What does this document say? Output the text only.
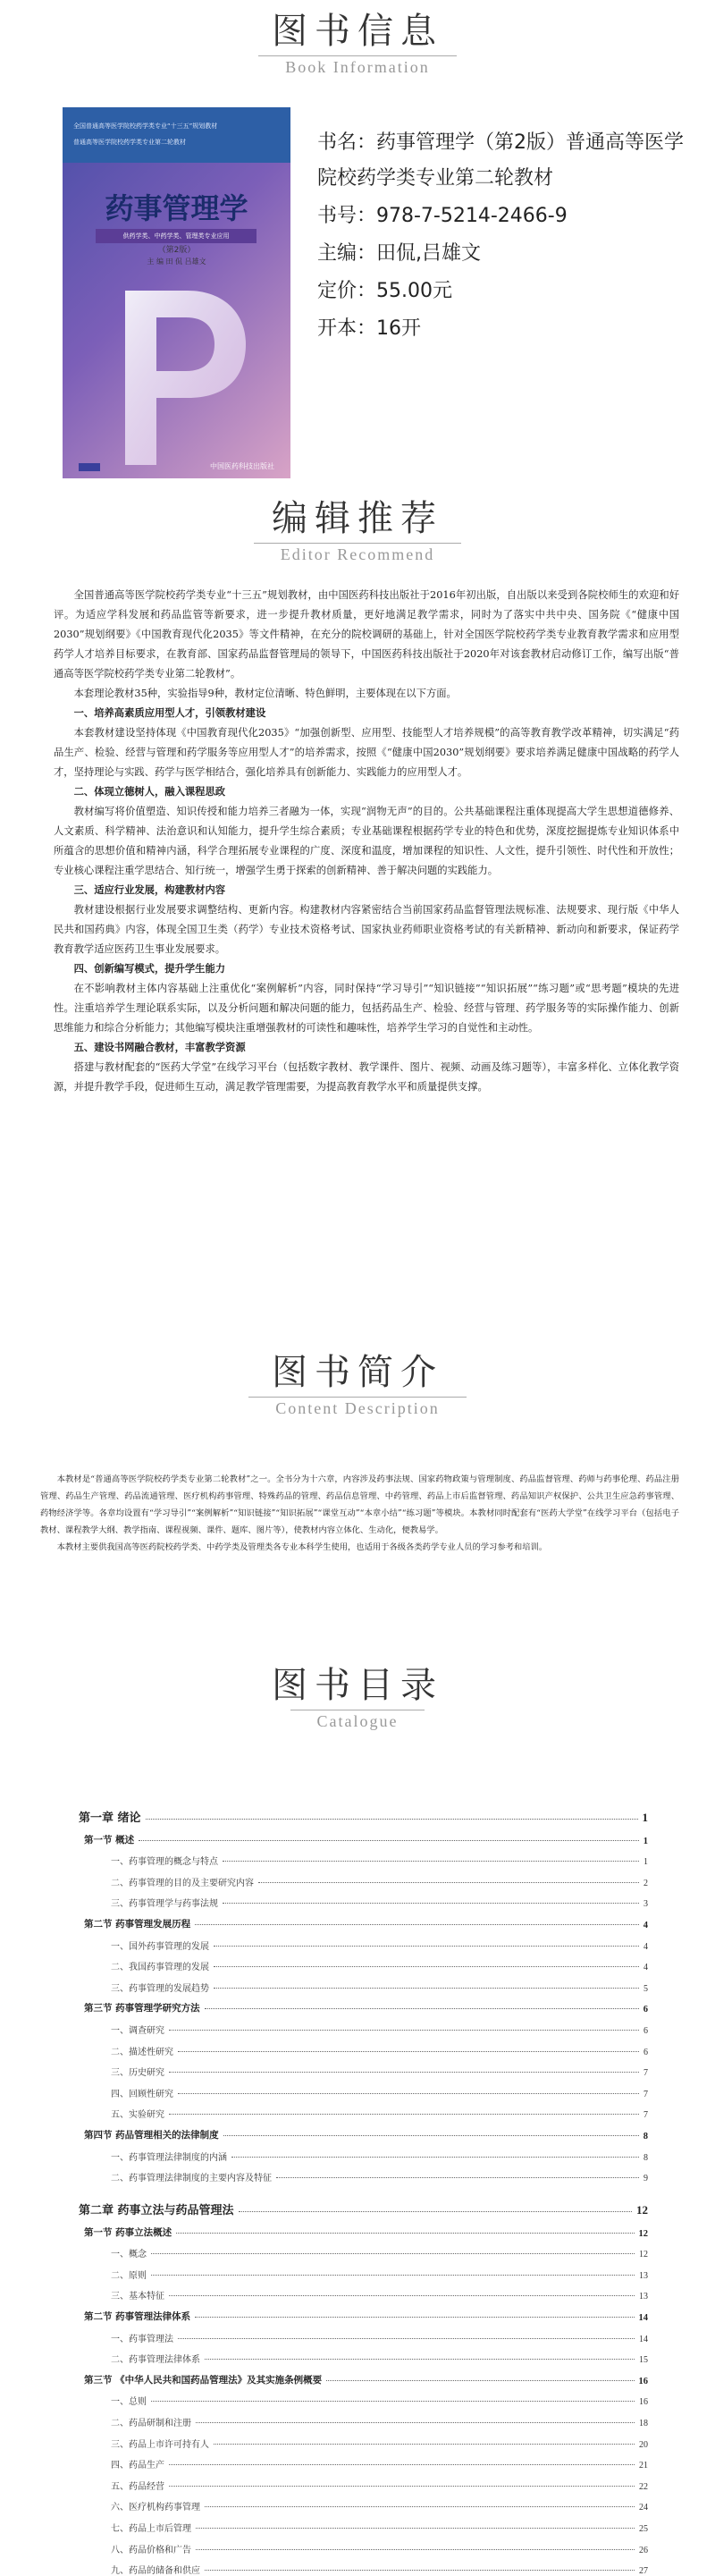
图书信息
Book Information
全国普通高等医学院校药学类专业“十三五”规划教材
普通高等医学院校药学类专业第二轮教材
药事管理学
供药学类、中药学类、管理类专业应用
（第2版）
主 编 田 侃 吕雄文
中国医药科技出版社
书名：药事管理学（第2版）普通高等医学院校药学类专业第二轮教材
书号：978-7-5214-2466-9
主编：田侃,吕雄文
定价：55.00元
开本：16开
编辑推荐
Editor Recommend

全国普通高等医学院校药学类专业“十三五”规划教材，由中国医药科技出版社于2016年初出版，自出版以来受到各院校师生的欢迎和好评。为适应学科发展和药品监管等新要求，进一步提升教材质量，更好地满足教学需求，同时为了落实中共中央、国务院《“健康中国2030”规划纲要》《中国教育现代化2035》等文件精神，在充分的院校调研的基础上，针对全国医学院校药学类专业教育教学需求和应用型药学人才培养目标要求，在教育部、国家药品监督管理局的领导下，中国医药科技出版社于2020年对该套教材启动修订工作，编写出版“普通高等医学院校药学类专业第二轮教材”。

本套理论教材35种，实验指导9种，教材定位清晰、特色鲜明，主要体现在以下方面。

一、培养高素质应用型人才，引领教材建设

本套教材建设坚持体现《中国教育现代化2035》“加强创新型、应用型、技能型人才培养规模”的高等教育教学改革精神，切实满足“药品生产、检验、经营与管理和药学服务等应用型人才”的培养需求，按照《“健康中国2030”规划纲要》要求培养满足健康中国战略的药学人才，坚持理论与实践、药学与医学相结合，强化培养具有创新能力、实践能力的应用型人才。

二、体现立德树人，融入课程思政

教材编写将价值塑造、知识传授和能力培养三者融为一体，实现“润物无声”的目的。公共基础课程注重体现提高大学生思想道德修养、人文素质、科学精神、法治意识和认知能力，提升学生综合素质；专业基础课程根据药学专业的特色和优势，深度挖掘提炼专业知识体系中所蕴含的思想价值和精神内涵，科学合理拓展专业课程的广度、深度和温度，增加课程的知识性、人文性，提升引领性、时代性和开放性；专业核心课程注重学思结合、知行统一，增强学生勇于探索的创新精神、善于解决问题的实践能力。

三、适应行业发展，构建教材内容

教材建设根据行业发展要求调整结构、更新内容。构建教材内容紧密结合当前国家药品监督管理法规标准、法规要求、现行版《中华人民共和国药典》内容，体现全国卫生类（药学）专业技术资格考试、国家执业药师职业资格考试的有关新精神、新动向和新要求，保证药学教育教学适应医药卫生事业发展要求。

四、创新编写模式，提升学生能力

在不影响教材主体内容基础上注重优化“案例解析”内容，同时保持“学习导引”“知识链接”“知识拓展”“练习题”或“思考题”模块的先进性。注重培养学生理论联系实际，以及分析问题和解决问题的能力，包括药品生产、检验、经营与管理、药学服务等的实际操作能力、创新思维能力和综合分析能力；其他编写模块注重增强教材的可读性和趣味性，培养学生学习的自觉性和主动性。

五、建设书网融合教材，丰富教学资源

搭建与教材配套的“医药大学堂”在线学习平台（包括数字教材、教学课件、图片、视频、动画及练习题等），丰富多样化、立体化教学资源，并提升教学手段，促进师生互动，满足教学管理需要，为提高教育教学水平和质量提供支撑。

图书简介
Content Description

本教材是“普通高等医学院校药学类专业第二轮教材”之一。全书分为十六章，内容涉及药事法规、国家药物政策与管理制度、药品监督管理、药师与药事伦理、药品注册管理、药品生产管理、药品流通管理、医疗机构药事管理、特殊药品的管理、药品信息管理、中药管理、药品上市后监督管理、药品知识产权保护、公共卫生应急药事管理、药物经济学等。各章均设置有“学习导引”“案例解析”“知识链接”“知识拓展”“课堂互动”“本章小结”“练习题”等模块。本教材同时配套有“医药大学堂”在线学习平台（包括电子教材、课程教学大纲、教学指南、课程视频、课件、题库、图片等），使教材内容立体化、生动化，便教易学。

本教材主要供我国高等医药院校药学类、中药学类及管理类各专业本科学生使用，也适用于各级各类药学专业人员的学习参考和培训。

图书目录
Catalogue
第一章 绪论	1
第一节 概述	1
一、药事管理的概念与特点	1
二、药事管理的目的及主要研究内容	2
三、药事管理学与药事法规	3
第二节 药事管理发展历程	4
一、国外药事管理的发展	4
二、我国药事管理的发展	4
三、药事管理的发展趋势	5
第三节 药事管理学研究方法	6
一、调查研究	6
二、描述性研究	6
三、历史研究	7
四、回顾性研究	7
五、实验研究	7
第四节 药品管理相关的法律制度	8
一、药事管理法律制度的内涵	8
二、药事管理法律制度的主要内容及特征	9
第二章 药事立法与药品管理法	12
第一节 药事立法概述	12
一、概念	12
二、原则	13
三、基本特征	13
第二节 药事管理法律体系	14
一、药事管理法	14
二、药事管理法律体系	15
第三节 《中华人民共和国药品管理法》及其实施条例概要	16
一、总则	16
二、药品研制和注册	18
三、药品上市许可持有人	20
四、药品生产	21
五、药品经营	22
六、医疗机构药事管理	24
七、药品上市后管理	25
八、药品价格和广告	26
九、药品的储备和供应	27
